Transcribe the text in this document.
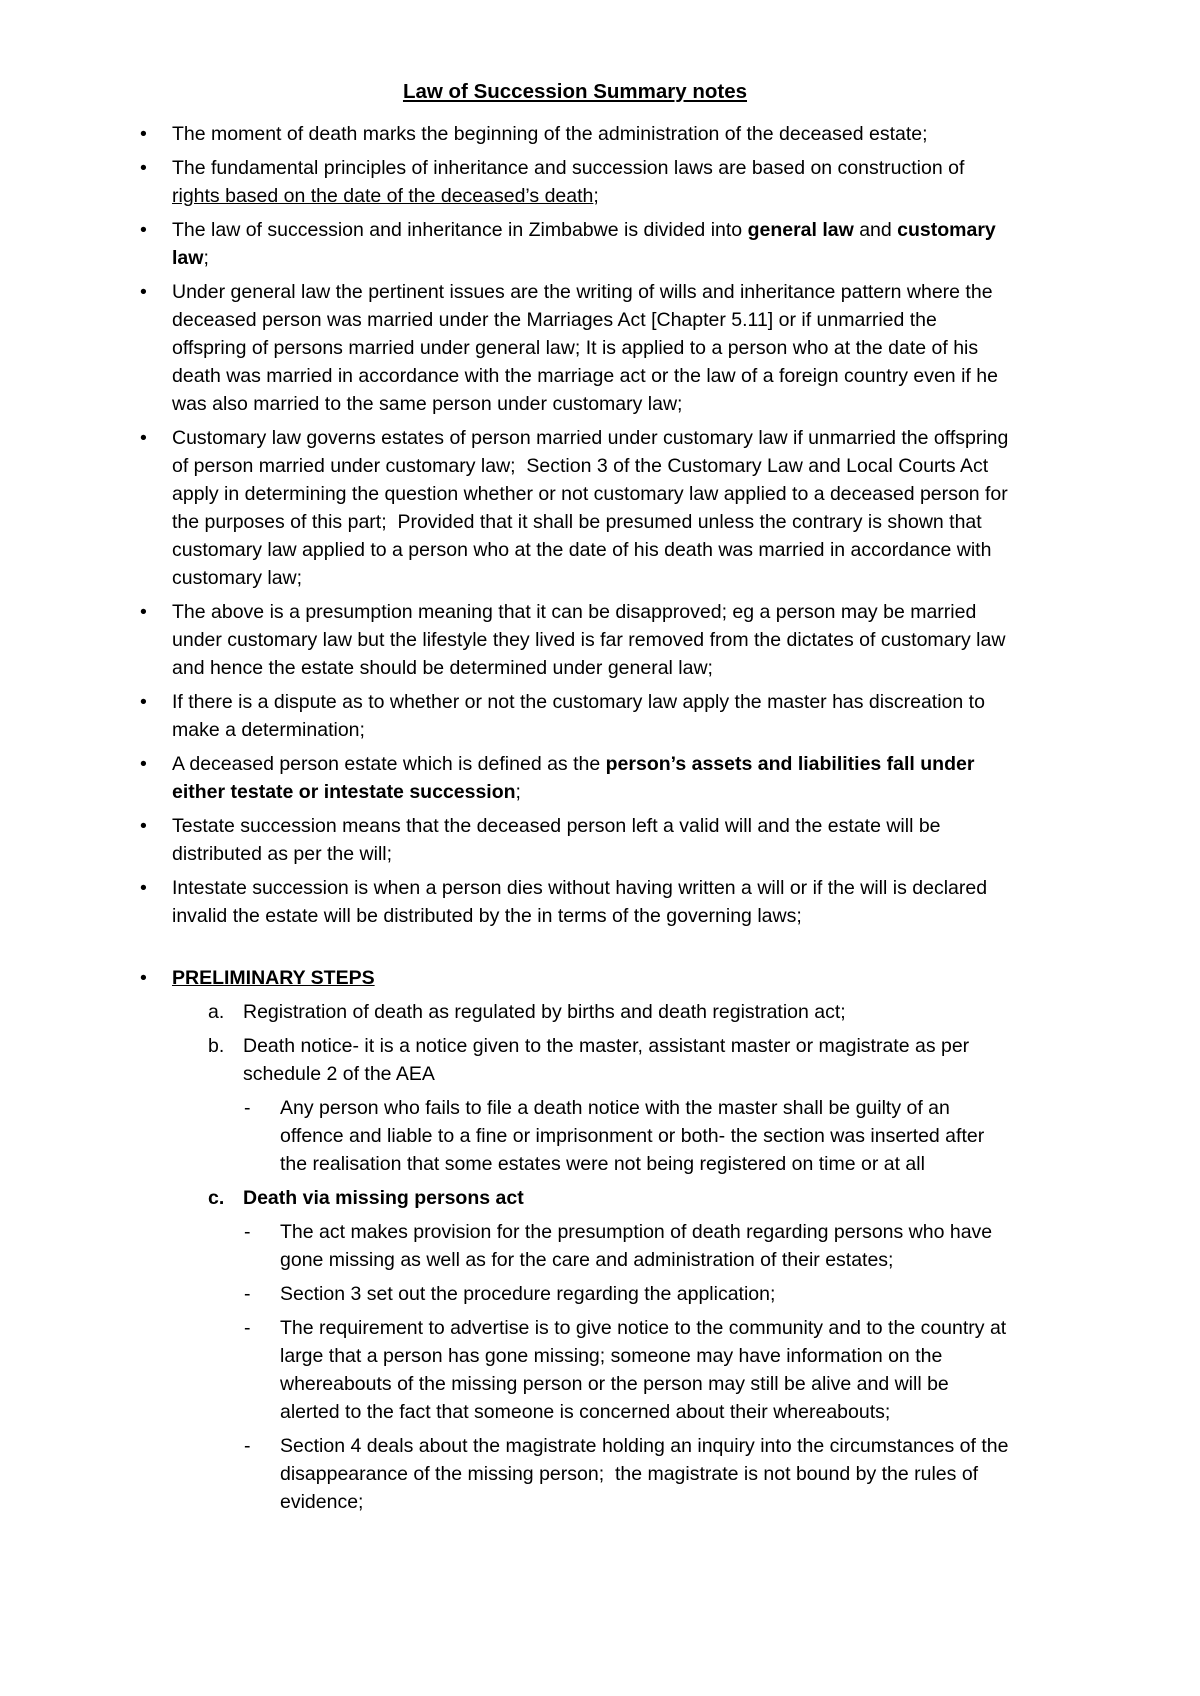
Law of Succession Summary notes
•	The moment of death marks the beginning of the administration of the deceased estate;
•	The fundamental principles of inheritance and succession laws are based on construction of rights based on the date of the deceased’s death;
•	The law of succession and inheritance in Zimbabwe is divided into general law and customary law;
•	Under general law the pertinent issues are the writing of wills and inheritance pattern where the deceased person was married under the Marriages Act [Chapter 5.11] or if unmarried the offspring of persons married under general law; It is applied to a person who at the date of his death was married in accordance with the marriage act or the law of a foreign country even if he was also married to the same person under customary law;
•	Customary law governs estates of person married under customary law if unmarried the offspring of person married under customary law;  Section 3 of the Customary Law and Local Courts Act apply in determining the question whether or not customary law applied to a deceased person for the purposes of this part;  Provided that it shall be presumed unless the contrary is shown that customary law applied to a person who at the date of his death was married in accordance with customary law;
•	The above is a presumption meaning that it can be disapproved; eg a person may be married under customary law but the lifestyle they lived is far removed from the dictates of customary law and hence the estate should be determined under general law;
•	If there is a dispute as to whether or not the customary law apply the master has discreation to make a determination;
•	A deceased person estate which is defined as the person’s assets and liabilities fall under either testate or intestate succession;
•	Testate succession means that the deceased person left a valid will and the estate will be distributed as per the will;
•	Intestate succession is when a person dies without having written a will or if the will is declared invalid the estate will be distributed by the in terms of the governing laws;
•	PRELIMINARY STEPS
a. Registration of death as regulated by births and death registration act;
b. Death notice- it is a notice given to the master, assistant master or magistrate as per schedule 2 of the AEA
-	Any person who fails to file a death notice with the master shall be guilty of an offence and liable to a fine or imprisonment or both- the section was inserted after the realisation that some estates were not being registered on time or at all
c. Death via missing persons act
-	The act makes provision for the presumption of death regarding persons who have gone missing as well as for the care and administration of their estates;
-	Section 3 set out the procedure regarding the application;
-	The requirement to advertise is to give notice to the community and to the country at large that a person has gone missing; someone may have information on the whereabouts of the missing person or the person may still be alive and will be alerted to the fact that someone is concerned about their whereabouts;
-	Section 4 deals about the magistrate holding an inquiry into the circumstances of the disappearance of the missing person;  the magistrate is not bound by the rules of evidence;
